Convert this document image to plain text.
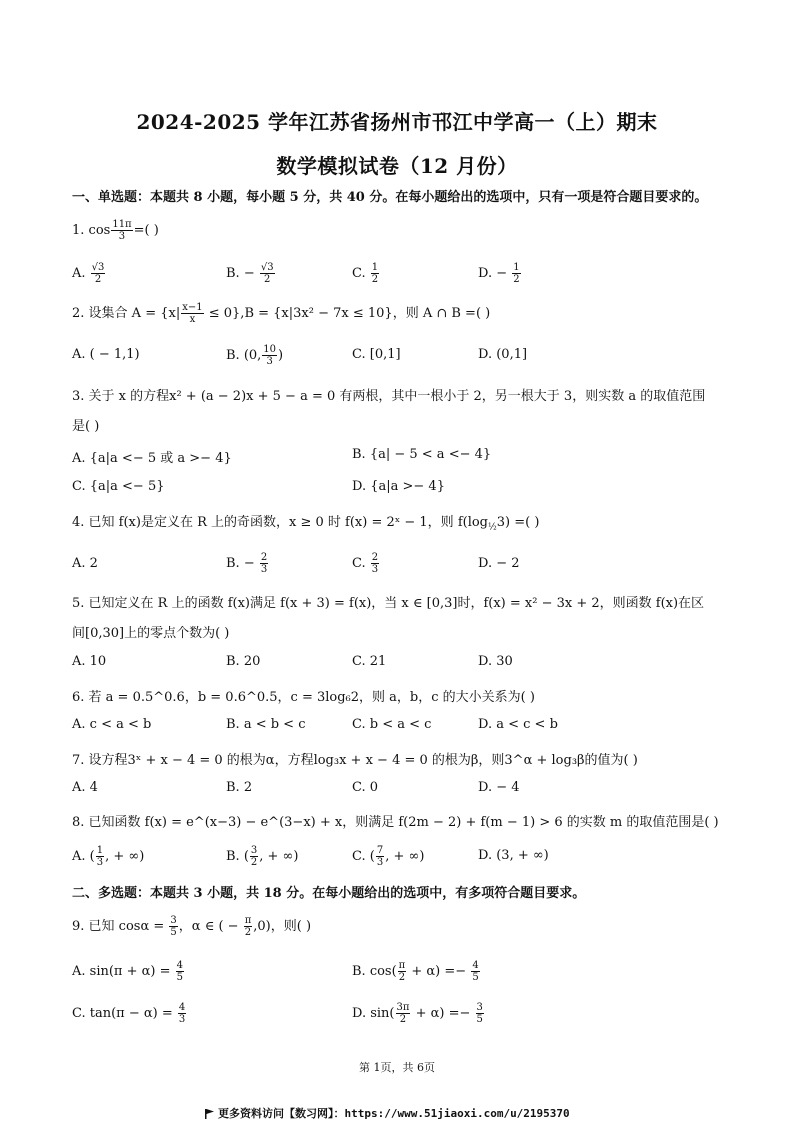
2024-2025 学年江苏省扬州市邗江中学高一（上）期末
数学模拟试卷（12 月份）
一、单选题：本题共 8 小题，每小题 5 分，共 40 分。在每小题给出的选项中，只有一项是符合题目要求的。
1. $\cos \frac{11\pi}{3}$ =( )
A. $\frac{√3}{2}$	B. − $\frac{√3}{2}$	C. $\frac{1}{2}$	D. − $\frac{1}{2}$
2. 设集合 $A = \{x| \frac{x-1}{x} \le 0\},B = \{x|3x^2 - 7x \le 10\}$，则 A ∩ B =( )
A. ( − 1,1)	B. (0, $\frac{10}{3}$ )	C. [0,1]	D. (0,1]
3. 关于 x 的方程x² + (a − 2)x + 5 − a = 0 有两根，其中一根小于 2，另一根大于 3，则实数 a 的取值范围
是( )
A. {a|a <− 5 或 a >− 4}	B. {a| − 5 < a <− 4}
C. {a|a <− 5}	D. {a|a >− 4}
4. 已知 f(x)是定义在 R 上的奇函数，x ≥ 0 时 f(x) = 2ˣ − 1，则 $f(\log_{\frac{1}{2}}3)$ =( )
A. 2	B. − $\frac{2}{3}$	C. $\frac{2}{3}$	D. − 2
5. 已知定义在 R 上的函数 f(x)满足 f(x + 3) = f(x)，当 x ∈ [0,3]时，f(x) = x² − 3x + 2，则函数 f(x)在区
间[0,30]上的零点个数为( )
A. 10	B. 20	C. 21	D. 30
6. 若 a = 0.5^0.6，b = 0.6^0.5，c = 3log₆2，则 a，b，c 的大小关系为( )
A. c < a < b	B. a < b < c	C. b < a < c	D. a < c < b
7. 设方程3ˣ + x − 4 = 0 的根为α，方程log₃x + x − 4 = 0 的根为β，则3^α + log₃β的值为( )
A. 4	B. 2	C. 0	D. − 4
8. 已知函数 f(x) = e^(x−3) − e^(3−x) + x，则满足 f(2m − 2) + f(m − 1) > 6 的实数 m 的取值范围是( )
A. ( $\frac{1}{3}$ , + ∞)	B. ( $\frac{3}{2}$ , + ∞)	C. ( $\frac{7}{3}$ , + ∞)	D. (3, + ∞)
二、多选题：本题共 3 小题，共 18 分。在每小题给出的选项中，有多项符合题目要求。
9. 已知 $\cos\alpha = \frac{3}{5}$ ，α ∈ ( − $\frac{\pi}{2} ,0$)，则( )
A. $\sin(\pi + \alpha) = \frac{4}{5}$	B. $\cos( \frac{\pi}{2} + \alpha) =- \frac{4}{5}$
C. $\tan(\pi - \alpha) = \frac{4}{3}$	D. $\sin( \frac{3\pi}{2} + \alpha) =- \frac{3}{5}$
第 1页，共 6页
更多资料访问【数习网】：https://www.51jiaoxi.com/u/2195370
